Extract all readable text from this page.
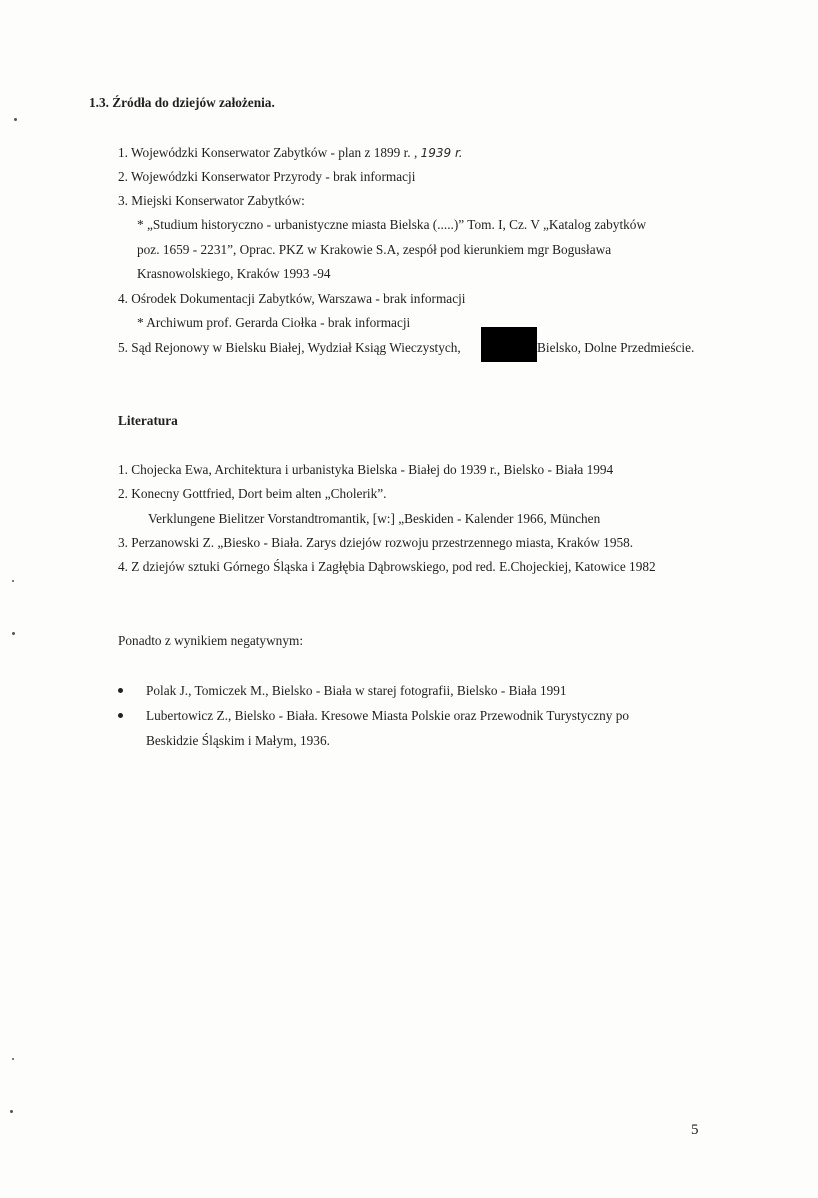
1.3. Źródła do dziejów założenia.
1. Wojewódzki Konserwator Zabytków - plan z 1899 r. , 1939 r.
2. Wojewódzki Konserwator Przyrody - brak informacji
3. Miejski Konserwator Zabytków:
* „Studium historyczno - urbanistyczne miasta Bielska (.....)” Tom. I, Cz. V „Katalog zabytków
poz. 1659 - 2231”, Oprac. PKZ w Krakowie S.A, zespół pod kierunkiem mgr Bogusława
Krasnowolskiego, Kraków 1993 -94
4. Ośrodek Dokumentacji Zabytków, Warszawa - brak informacji
* Archiwum prof. Gerarda Ciołka - brak informacji
5. Sąd Rejonowy w Bielsku Białej, Wydział Ksiąg Wieczystych,	Bielsko, Dolne Przedmieście.
Literatura
1. Chojecka Ewa, Architektura i urbanistyka Bielska - Białej do 1939 r., Bielsko - Biała 1994
2. Konecny Gottfried, Dort beim alten „Cholerik”.
Verklungene Bielitzer Vorstandtromantik, [w:] „Beskiden - Kalender 1966, München
3. Perzanowski Z. „Biesko - Biała. Zarys dziejów rozwoju przestrzennego miasta, Kraków 1958.
4. Z dziejów sztuki Górnego Śląska i Zagłębia Dąbrowskiego, pod red. E.Chojeckiej, Katowice 1982
Ponadto z wynikiem negatywnym:
Polak J., Tomiczek M., Bielsko - Biała w starej fotografii, Bielsko - Biała 1991
Lubertowicz Z., Bielsko - Biała. Kresowe Miasta Polskie oraz Przewodnik Turystyczny po
Beskidzie Śląskim i Małym, 1936.
5
